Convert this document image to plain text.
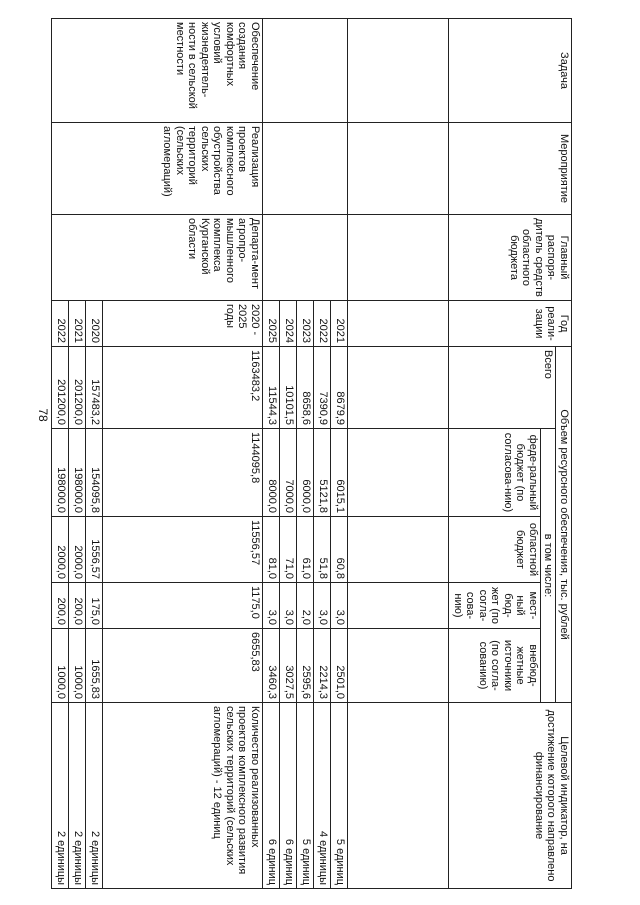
78
Задача	Мероприятие	Главный распоря-дитель средств областного бюджета	Год реали-зации	Объем ресурсного обеспечения, тыс. рублей					Целевой индикатор, на достижение которого направлено финансирование
				Всего	в том числе:				
					феде-ральный бюджет (по согласова-нию)	областной бюджет	мест-ный бюд-жет (по согла-сова-нию)	внебюд-жетные источники (по согла-сованию)	

			2021	8679,9	6015,1	60,8	3,0	2501,0	5 единиц
			2022	7390,9	5121,8	51,8	3,0	2214,3	4 единицы
			2023	8658,6	6000,0	61,0	2,0	2595,6	5 единиц
			2024	10101,5	7000,0	71,0	3,0	3027,5	6 единиц
			2025	11544,3	8000,0	81,0	3,0	3460,3	6 единиц
Обеспечение создания комфортных условий жизнедеятель-ности в сельской местности	Реализация проектов комплексного обустройства сельских территорий (сельских агломераций)	Департа-мент агропро-мышленного комплекса Курганской области	2020 - 2025 годы	1163483,2	1144095,8	11556,57	1175,0	6655,83	Количество реализованных проектов комплексного развития сельских территорий (сельских агломераций) - 12 единиц
			2020	157483,2	154095,8	1556,57	175,0	1655,83	2 единицы
			2021	201200,0	198000,0	2000,0	200,0	1000,0	2 единицы
			2022	201200,0	198000,0	2000,0	200,0	1000,0	2 единицы
